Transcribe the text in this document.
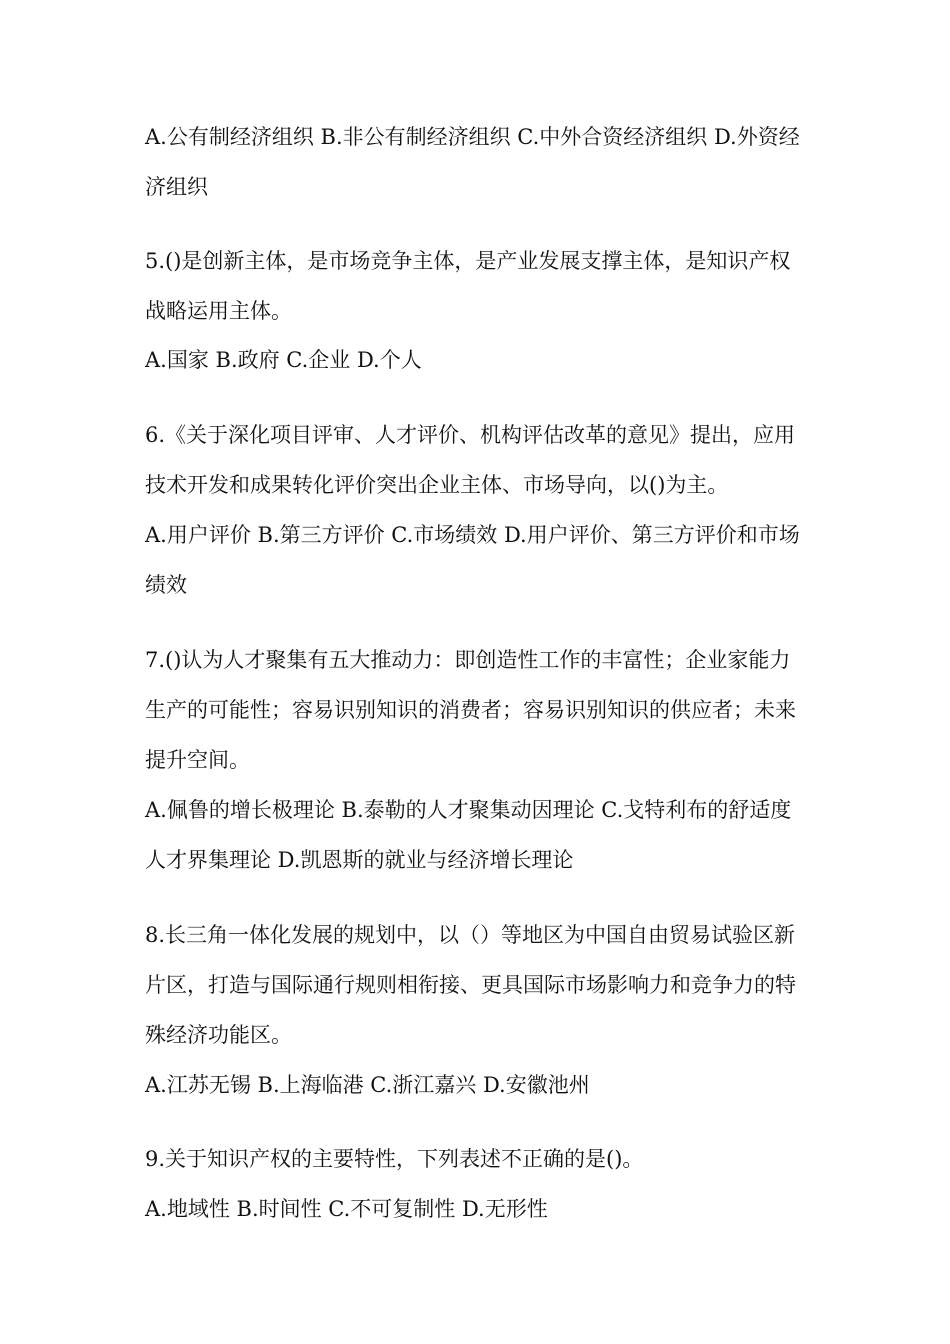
A.公有制经济组织 B.非公有制经济组织 C.中外合资经济组织 D.外资经
济组织
5.()是创新主体，是市场竞争主体，是产业发展支撑主体，是知识产权
战略运用主体。
A.国家 B.政府 C.企业 D.个人
6.《关于深化项目评审、人才评价、机构评估改革的意见》提出，应用
技术开发和成果转化评价突出企业主体、市场导向，以()为主。
A.用户评价 B.第三方评价 C.市场绩效 D.用户评价、第三方评价和市场
绩效
7.()认为人才聚集有五大推动力：即创造性工作的丰富性；企业家能力
生产的可能性；容易识别知识的消费者；容易识别知识的供应者；未来
提升空间。
A.佩鲁的增长极理论 B.泰勒的人才聚集动因理论 C.戈特利布的舒适度
人才界集理论 D.凯恩斯的就业与经济增长理论
8.长三角一体化发展的规划中，以（）等地区为中国自由贸易试验区新
片区，打造与国际通行规则相衔接、更具国际市场影响力和竞争力的特
殊经济功能区。
A.江苏无锡 B.上海临港 C.浙江嘉兴 D.安徽池州
9.关于知识产权的主要特性，下列表述不正确的是()。
A.地域性 B.时间性 C.不可复制性 D.无形性
